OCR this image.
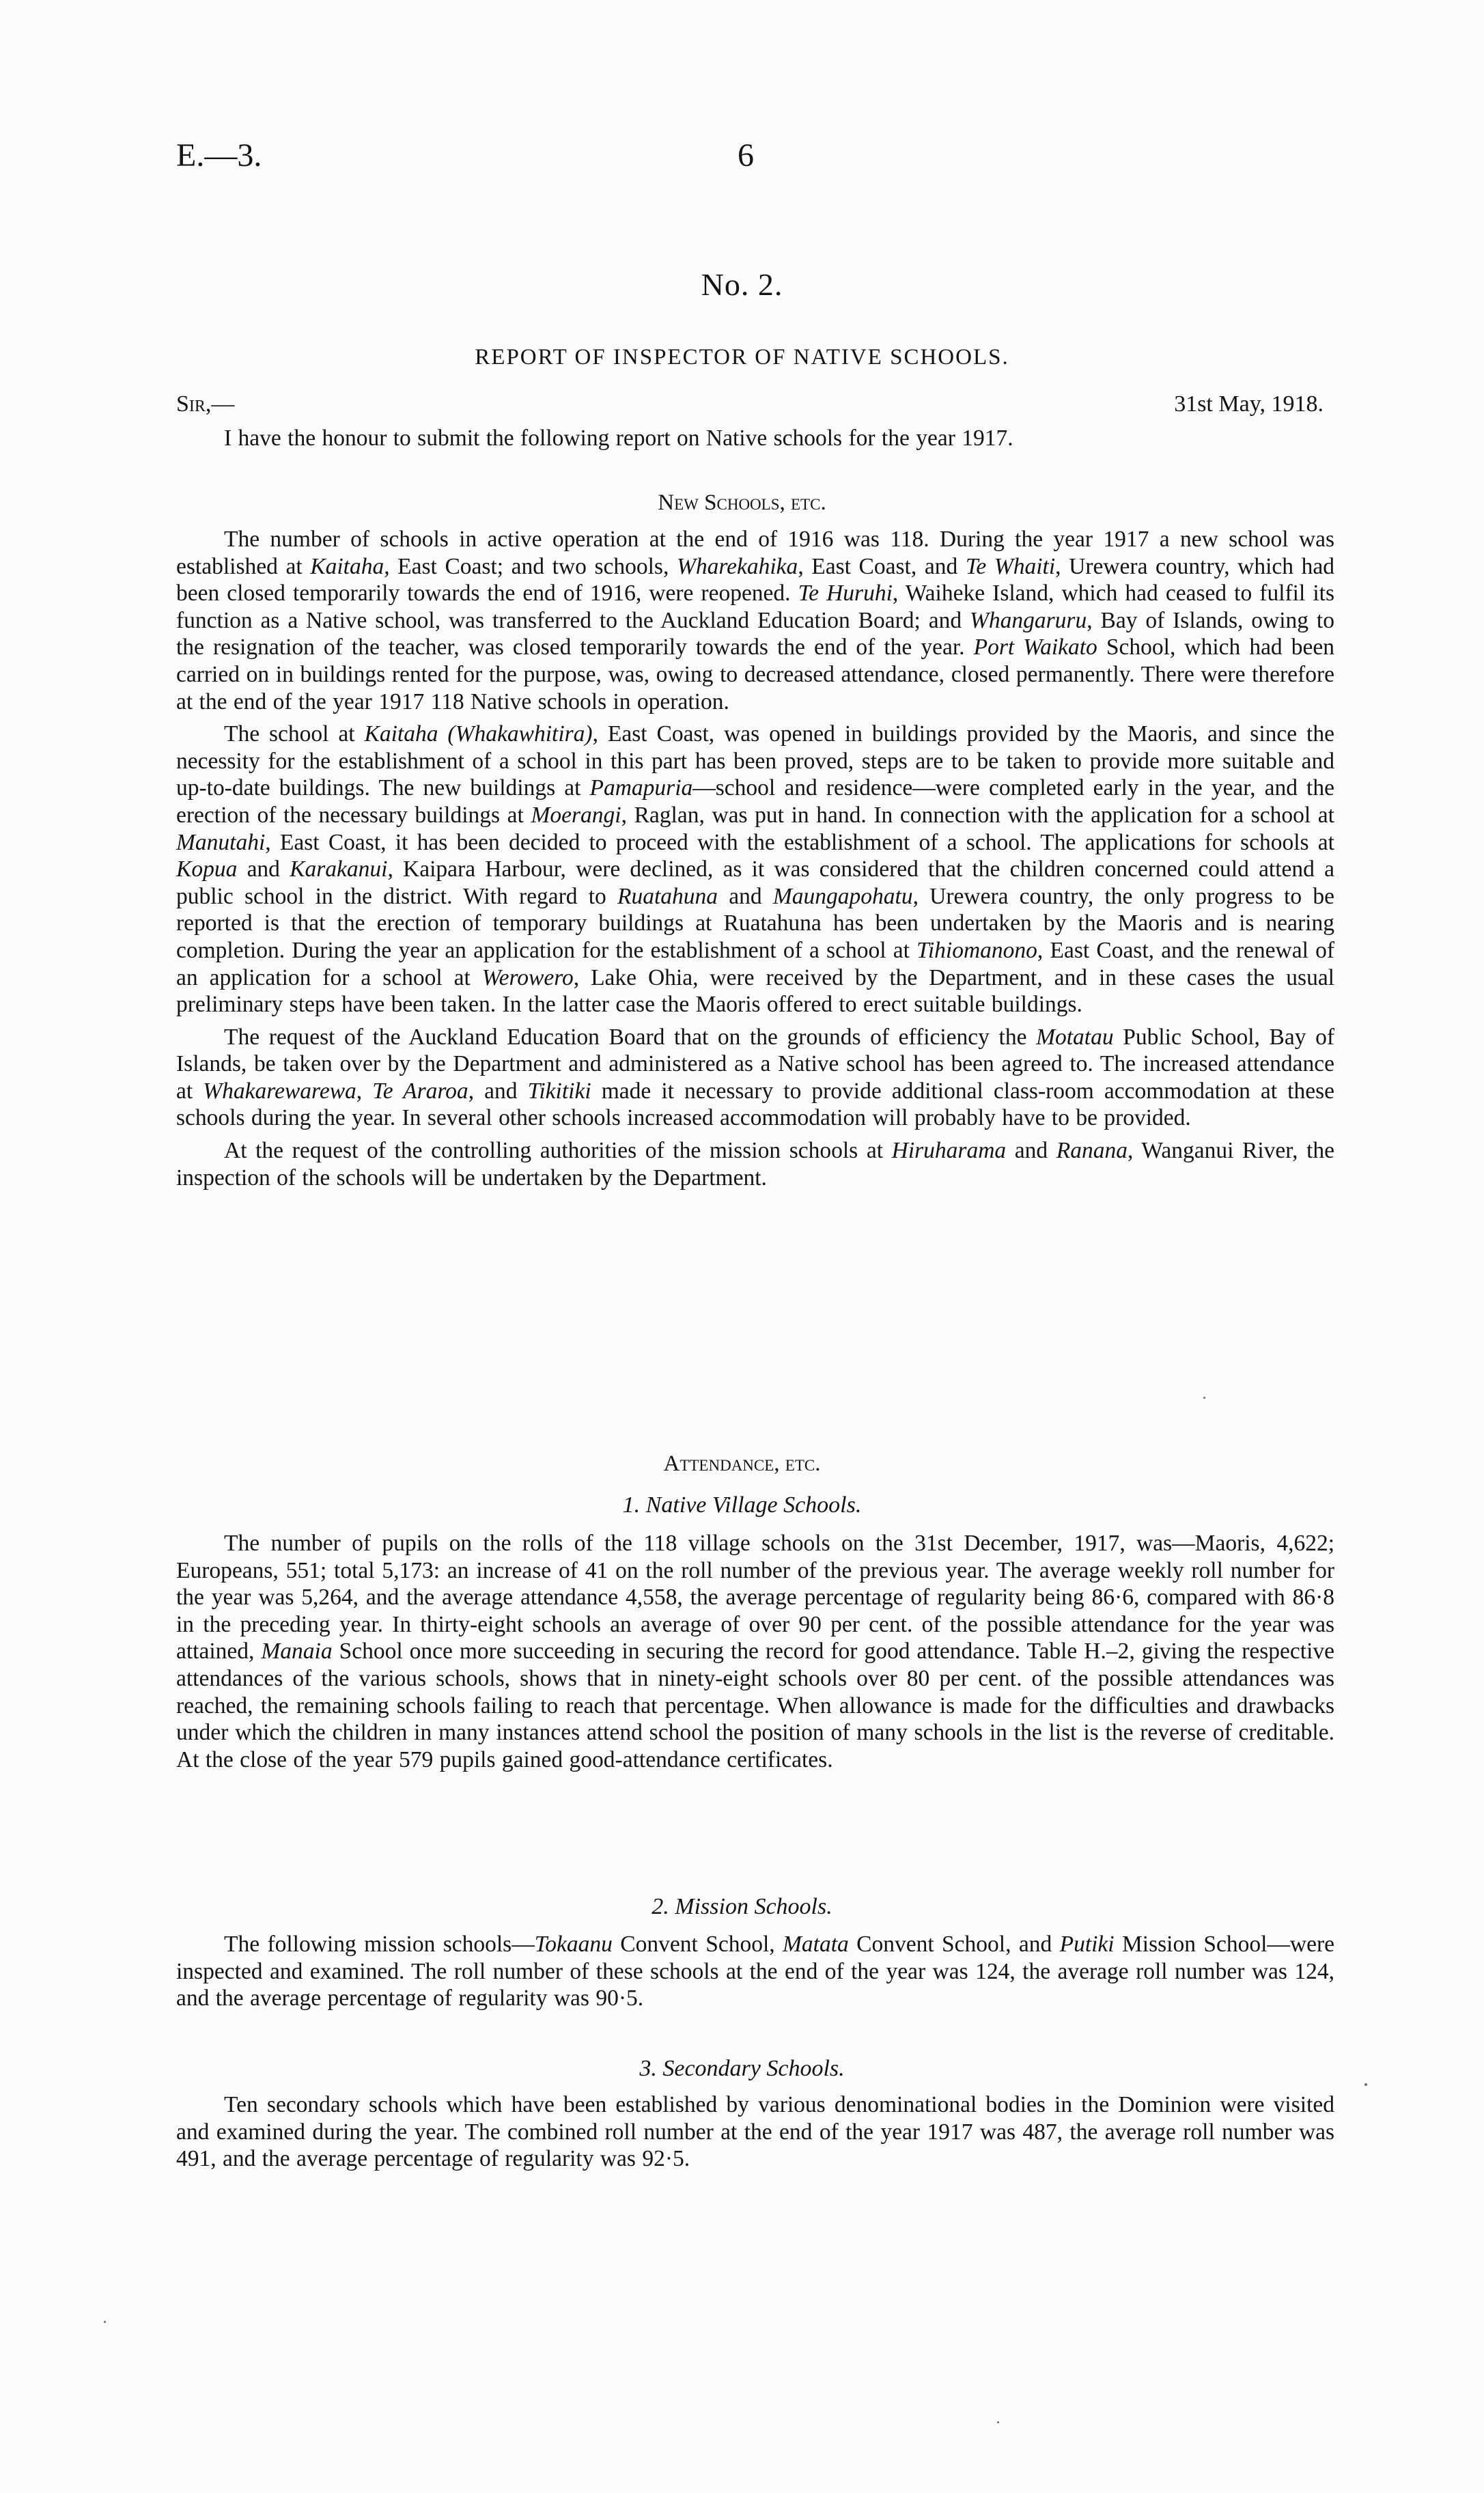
E.—3.	6
No. 2.
REPORT OF INSPECTOR OF NATIVE SCHOOLS.
Sir,—	31st May, 1918.

I have the honour to submit the following report on Native schools for the year 1917.

New Schools, etc.

The number of schools in active operation at the end of 1916 was 118. During the year 1917 a new school was established at Kaitaha, East Coast; and two schools, Wharekahika, East Coast, and Te Whaiti, Urewera country, which had been closed temporarily towards the end of 1916, were reopened. Te Huruhi, Waiheke Island, which had ceased to fulfil its function as a Native school, was transferred to the Auckland Education Board; and Whangaruru, Bay of Islands, owing to the resignation of the teacher, was closed temporarily towards the end of the year. Port Waikato School, which had been carried on in buildings rented for the purpose, was, owing to decreased attendance, closed permanently. There were therefore at the end of the year 1917 118 Native schools in operation.

The school at Kaitaha (Whakawhitira), East Coast, was opened in buildings provided by the Maoris, and since the necessity for the establishment of a school in this part has been proved, steps are to be taken to provide more suitable and up-to-date buildings. The new buildings at Pamapuria—school and residence—were completed early in the year, and the erection of the necessary buildings at Moerangi, Raglan, was put in hand. In connection with the application for a school at Manutahi, East Coast, it has been decided to proceed with the establishment of a school. The applications for schools at Kopua and Karakanui, Kaipara Harbour, were declined, as it was considered that the children concerned could attend a public school in the district. With regard to Ruatahuna and Maungapohatu, Urewera country, the only progress to be reported is that the erection of temporary buildings at Ruatahuna has been undertaken by the Maoris and is nearing completion. During the year an application for the establishment of a school at Tihiomanono, East Coast, and the renewal of an application for a school at Werowero, Lake Ohia, were received by the Department, and in these cases the usual preliminary steps have been taken. In the latter case the Maoris offered to erect suitable buildings.

The request of the Auckland Education Board that on the grounds of efficiency the Motatau Public School, Bay of Islands, be taken over by the Department and administered as a Native school has been agreed to. The increased attendance at Whakarewarewa, Te Araroa, and Tikitiki made it necessary to provide additional class-room accommodation at these schools during the year. In several other schools increased accommodation will probably have to be provided.

At the request of the controlling authorities of the mission schools at Hiruharama and Ranana, Wanganui River, the inspection of the schools will be undertaken by the Department.

Attendance, etc.
1. Native Village Schools.

The number of pupils on the rolls of the 118 village schools on the 31st December, 1917, was—Maoris, 4,622; Europeans, 551; total 5,173: an increase of 41 on the roll number of the previous year. The average weekly roll number for the year was 5,264, and the average attendance 4,558, the average percentage of regularity being 86·6, compared with 86·8 in the preceding year. In thirty-eight schools an average of over 90 per cent. of the possible attendance for the year was attained, Manaia School once more succeeding in securing the record for good attendance. Table H.–2, giving the respective attendances of the various schools, shows that in ninety-eight schools over 80 per cent. of the possible attendances was reached, the remaining schools failing to reach that percentage. When allowance is made for the difficulties and drawbacks under which the children in many instances attend school the position of many schools in the list is the reverse of creditable. At the close of the year 579 pupils gained good-attendance certificates.

2. Mission Schools.

The following mission schools—Tokaanu Convent School, Matata Convent School, and Putiki Mission School—were inspected and examined. The roll number of these schools at the end of the year was 124, the average roll number was 124, and the average percentage of regularity was 90·5.

3. Secondary Schools.

Ten secondary schools which have been established by various denominational bodies in the Dominion were visited and examined during the year. The combined roll number at the end of the year 1917 was 487, the average roll number was 491, and the average percentage of regularity was 92·5.
